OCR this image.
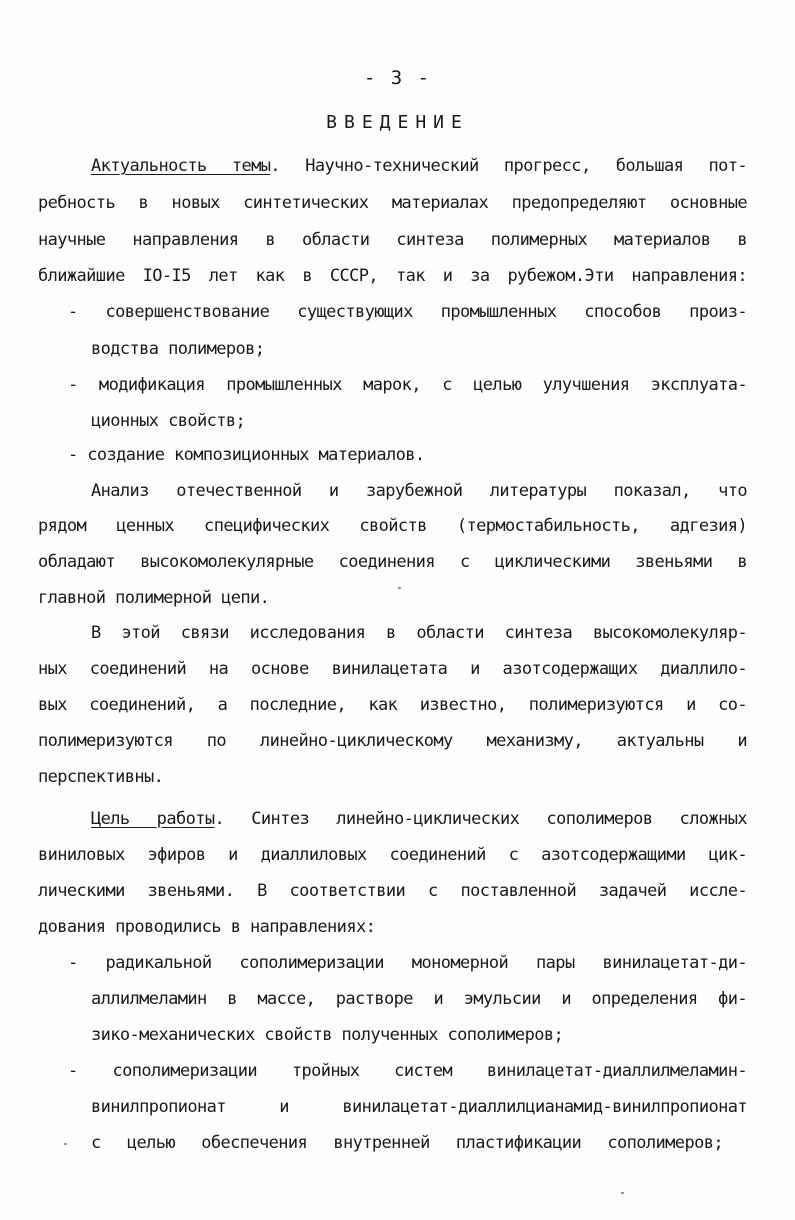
- 3 -
ВВЕДЕНИЕ
Актуальность темы. Научно-технический прогресс, большая пот-
ребность в новых синтетических материалах предопределяют основные
научные направления в области синтеза полимерных материалов в
ближайшие IO-I5 лет как в СССР, так и за рубежом.Эти направления:
- совершенствование существующих промышленных способов произ-
водства полимеров;
- модификация промышленных марок, с целью улучшения эксплуата-
ционных свойств;
- создание композиционных материалов.
Анализ отечественной и зарубежной литературы показал, что
рядом ценных специфических свойств (термостабильность, адгезия)
обладают высокомолекулярные соединения с циклическими звеньями в
главной полимерной цепи.
В этой связи исследования в области синтеза высокомолекуляр-
ных соединений на основе винилацетата и азотсодержащих диаллило-
вых соединений, а последние, как известно, полимеризуются и со-
полимеризуются по линейно-циклическому механизму, актуальны и
перспективны.
Цель работы. Синтез линейно-циклических сополимеров сложных
виниловых эфиров и диаллиловых соединений с азотсодержащими цик-
лическими звеньями. В соответствии с поставленной задачей иссле-
дования проводились в направлениях:
- радикальной сополимеризации мономерной пары винилацетат-ди-
аллилмеламин в массе, растворе и эмульсии и определения фи-
зико-механических свойств полученных сополимеров;
- сополимеризации тройных систем винилацетат-диаллилмеламин-
винилпропионат и винилацетат-диаллилцианамид-винилпропионат
с целью обеспечения внутренней пластификации сополимеров;
